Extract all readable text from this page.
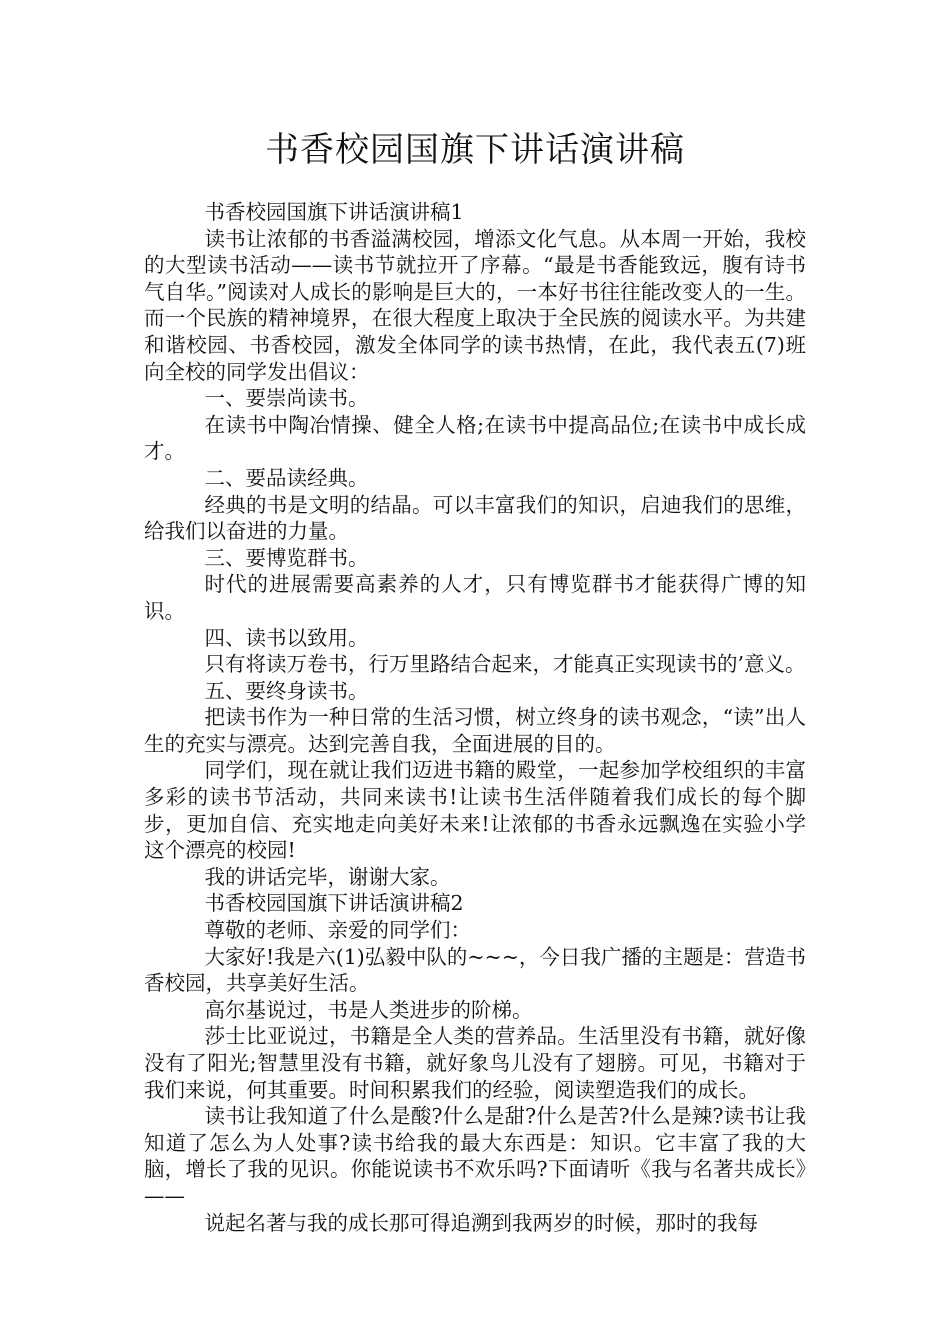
书香校园国旗下讲话演讲稿

书香校园国旗下讲话演讲稿1

读书让浓郁的书香溢满校园，增添文化气息。从本周一开始，我校的大型读书活动——读书节就拉开了序幕。“最是书香能致远，腹有诗书气自华。”阅读对人成长的影响是巨大的，一本好书往往能改变人的一生。而一个民族的精神境界，在很大程度上取决于全民族的阅读水平。为共建和谐校园、书香校园，激发全体同学的读书热情，在此，我代表五(7)班向全校的同学发出倡议：

一、要崇尚读书。

在读书中陶冶情操、健全人格;在读书中提高品位;在读书中成长成才。

二、要品读经典。

经典的书是文明的结晶。可以丰富我们的知识，启迪我们的思维，给我们以奋进的力量。

三、要博览群书。

时代的进展需要高素养的人才，只有博览群书才能获得广博的知识。

四、读书以致用。

只有将读万卷书，行万里路结合起来，才能真正实现读书的’意义。

五、要终身读书。

把读书作为一种日常的生活习惯，树立终身的读书观念，“读”出人生的充实与漂亮。达到完善自我，全面进展的目的。

同学们，现在就让我们迈进书籍的殿堂，一起参加学校组织的丰富多彩的读书节活动，共同来读书!让读书生活伴随着我们成长的每个脚步，更加自信、充实地走向美好未来!让浓郁的书香永远飘逸在实验小学这个漂亮的校园!

我的讲话完毕，谢谢大家。

书香校园国旗下讲话演讲稿2

尊敬的老师、亲爱的同学们：

大家好!我是六(1)弘毅中队的~~~，今日我广播的主题是：营造书香校园，共享美好生活。

高尔基说过，书是人类进步的阶梯。

莎士比亚说过，书籍是全人类的营养品。生活里没有书籍，就好像没有了阳光;智慧里没有书籍，就好象鸟儿没有了翅膀。可见，书籍对于我们来说，何其重要。时间积累我们的经验，阅读塑造我们的成长。

读书让我知道了什么是酸?什么是甜?什么是苦?什么是辣?读书让我知道了怎么为人处事?读书给我的最大东西是：知识。它丰富了我的大脑，增长了我的见识。你能说读书不欢乐吗?下面请听《我与名著共成长》——

说起名著与我的成长那可得追溯到我两岁的时候，那时的我每
